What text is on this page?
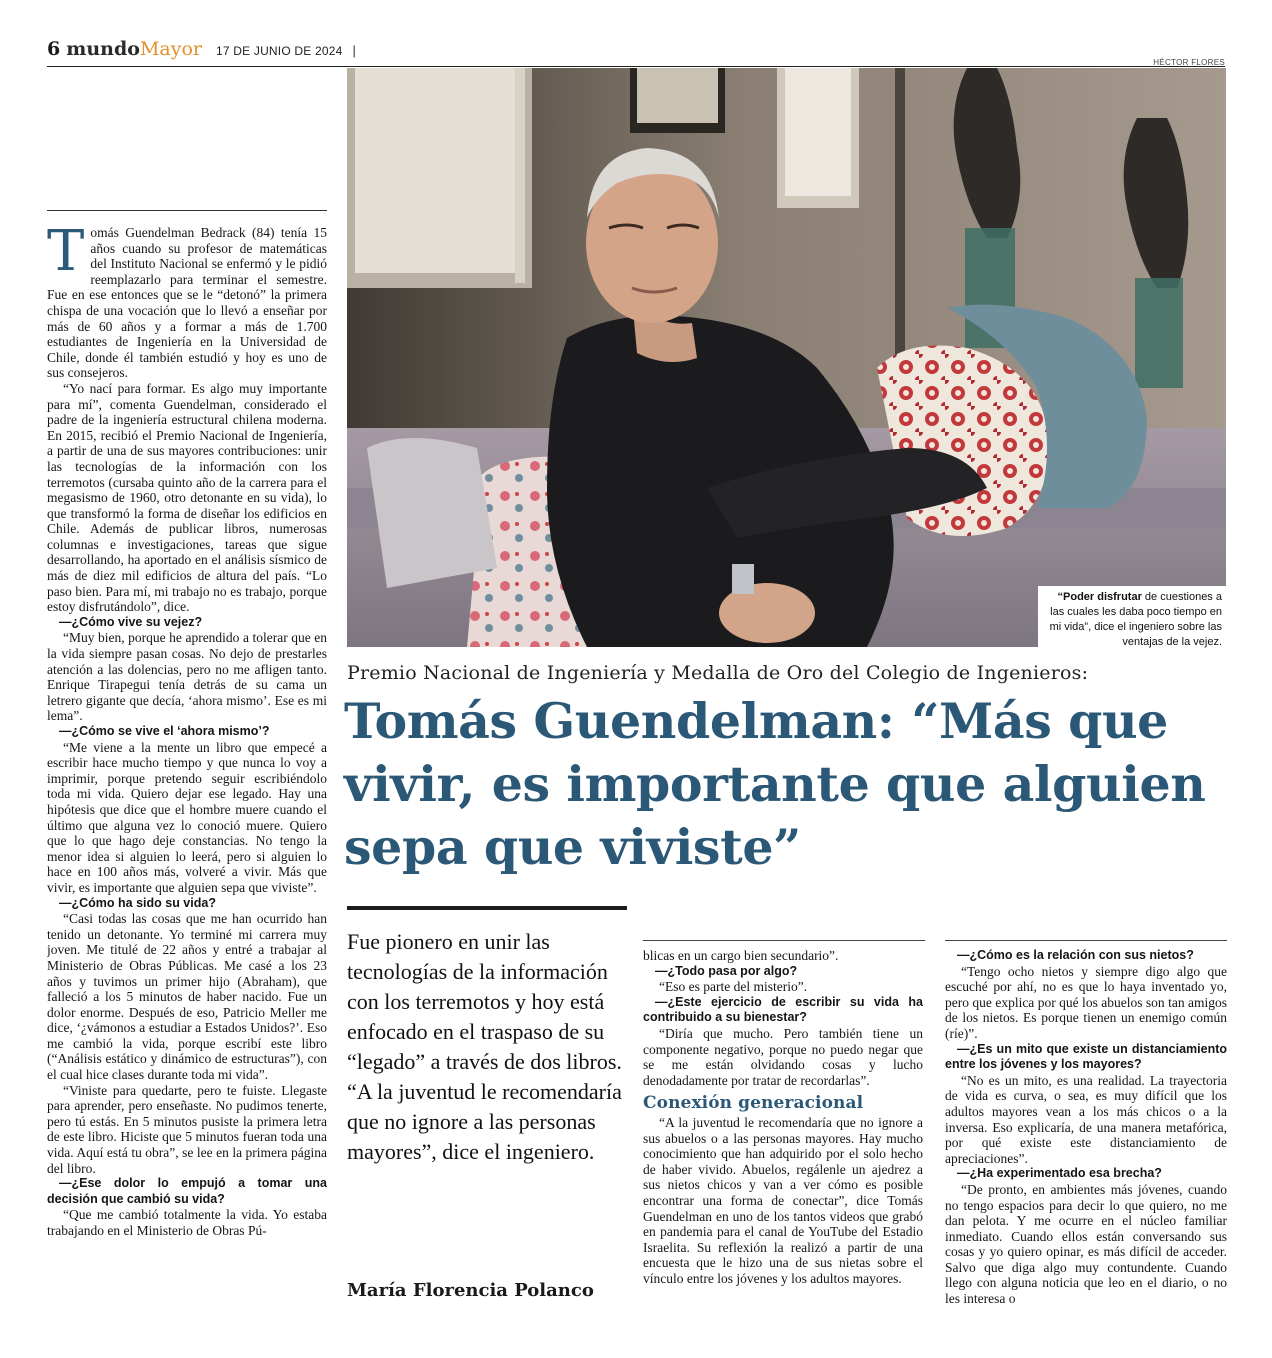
6 mundo Mayor 17 DE JUNIO DE 2024 |
HÉCTOR FLORES
“Poder disfrutar de cuestiones a las cuales les daba poco tiempo en mi vida”, dice el ingeniero sobre las ventajas de la vejez.

Tomás Guendelman Bedrack (84) tenía 15 años cuando su profesor de matemáticas del Instituto Nacional se enfermó y le pidió reemplazarlo para terminar el semestre. Fue en ese entonces que se le “detonó” la primera chispa de una vocación que lo llevó a enseñar por más de 60 años y a formar a más de 1.700 estudiantes de Ingeniería en la Universidad de Chile, donde él también estudió y hoy es uno de sus consejeros.

“Yo nací para formar. Es algo muy importante para mí”, comenta Guendelman, considerado el padre de la ingeniería estructural chilena moderna. En 2015, recibió el Premio Nacional de Ingeniería, a partir de una de sus mayores contribuciones: unir las tecnologías de la información con los terremotos (cursaba quinto año de la carrera para el megasismo de 1960, otro detonante en su vida), lo que transformó la forma de diseñar los edificios en Chile. Además de publicar libros, numerosas columnas e investigaciones, tareas que sigue desarrollando, ha aportado en el análisis sísmico de más de diez mil edificios de altura del país. “Lo paso bien. Para mí, mi trabajo no es trabajo, porque estoy disfrutándolo”, dice.

—¿Cómo vive su vejez?

“Muy bien, porque he aprendido a tolerar que en la vida siempre pasan cosas. No dejo de prestarles atención a las dolencias, pero no me afligen tanto. Enrique Tirapegui tenía detrás de su cama un letrero gigante que decía, ‘ahora mismo’. Ese es mi lema”.

—¿Cómo se vive el ‘ahora mismo’?

“Me viene a la mente un libro que empecé a escribir hace mucho tiempo y que nunca lo voy a imprimir, porque pretendo seguir escribiéndolo toda mi vida. Quiero dejar ese legado. Hay una hipótesis que dice que el hombre muere cuando el último que alguna vez lo conoció muere. Quiero que lo que hago deje constancias. No tengo la menor idea si alguien lo leerá, pero si alguien lo hace en 100 años más, volveré a vivir. Más que vivir, es importante que alguien sepa que viviste”.

—¿Cómo ha sido su vida?

“Casi todas las cosas que me han ocurrido han tenido un detonante. Yo terminé mi carrera muy joven. Me titulé de 22 años y entré a trabajar al Ministerio de Obras Públicas. Me casé a los 23 años y tuvimos un primer hijo (Abraham), que falleció a los 5 minutos de haber nacido. Fue un dolor enorme. Después de eso, Patricio Meller me dice, ‘¿vámonos a estudiar a Estados Unidos?’. Eso me cambió la vida, porque escribí este libro (“Análisis estático y dinámico de estructuras”), con el cual hice clases durante toda mi vida”.

“Viniste para quedarte, pero te fuiste. Llegaste para aprender, pero enseñaste. No pudimos tenerte, pero tú estás. En 5 minutos pusiste la primera letra de este libro. Hiciste que 5 minutos fueran toda una vida. Aquí está tu obra”, se lee en la primera página del libro.

—¿Ese dolor lo empujó a tomar una decisión que cambió su vida?

“Que me cambió totalmente la vida. Yo estaba trabajando en el Ministerio de Obras Pú-

Premio Nacional de Ingeniería y Medalla de Oro del Colegio de Ingenieros:
Tomás Guendelman: “Más que vivir, es importante que alguien sepa que viviste”
Fue pionero en unir las tecnologías de la información con los terremotos y hoy está enfocado en el traspaso de su “legado” a través de dos libros. “A la juventud le recomendaría que no ignore a las personas mayores”, dice el ingeniero.
María Florencia Polanco

blicas en un cargo bien secundario”.

—¿Todo pasa por algo?

“Eso es parte del misterio”.

—¿Este ejercicio de escribir su vida ha contribuido a su bienestar?

“Diría que mucho. Pero también tiene un componente negativo, porque no puedo negar que se me están olvidando cosas y lucho denodadamente por tratar de recordarlas”.

Conexión generacional

“A la juventud le recomendaría que no ignore a sus abuelos o a las personas mayores. Hay mucho conocimiento que han adquirido por el solo hecho de haber vivido. Abuelos, regálenle un ajedrez a sus nietos chicos y van a ver cómo es posible encontrar una forma de conectar”, dice Tomás Guendelman en uno de los tantos videos que grabó en pandemia para el canal de YouTube del Estadio Israelita. Su reflexión la realizó a partir de una encuesta que le hizo una de sus nietas sobre el vínculo entre los jóvenes y los adultos mayores.

—¿Cómo es la relación con sus nietos?

“Tengo ocho nietos y siempre digo algo que escuché por ahí, no es que lo haya inventado yo, pero que explica por qué los abuelos son tan amigos de los nietos. Es porque tienen un enemigo común (ríe)”.

—¿Es un mito que existe un distanciamiento entre los jóvenes y los mayores?

“No es un mito, es una realidad. La trayectoria de vida es curva, o sea, es muy difícil que los adultos mayores vean a los más chicos o a la inversa. Eso explicaría, de una manera metafórica, por qué existe este distanciamiento de apreciaciones”.

—¿Ha experimentado esa brecha?

“De pronto, en ambientes más jóvenes, cuando no tengo espacios para decir lo que quiero, no me dan pelota. Y me ocurre en el núcleo familiar inmediato. Cuando ellos están conversando sus cosas y yo quiero opinar, es más difícil de acceder. Salvo que diga algo muy contundente. Cuando llego con alguna noticia que leo en el diario, o no les interesa o
